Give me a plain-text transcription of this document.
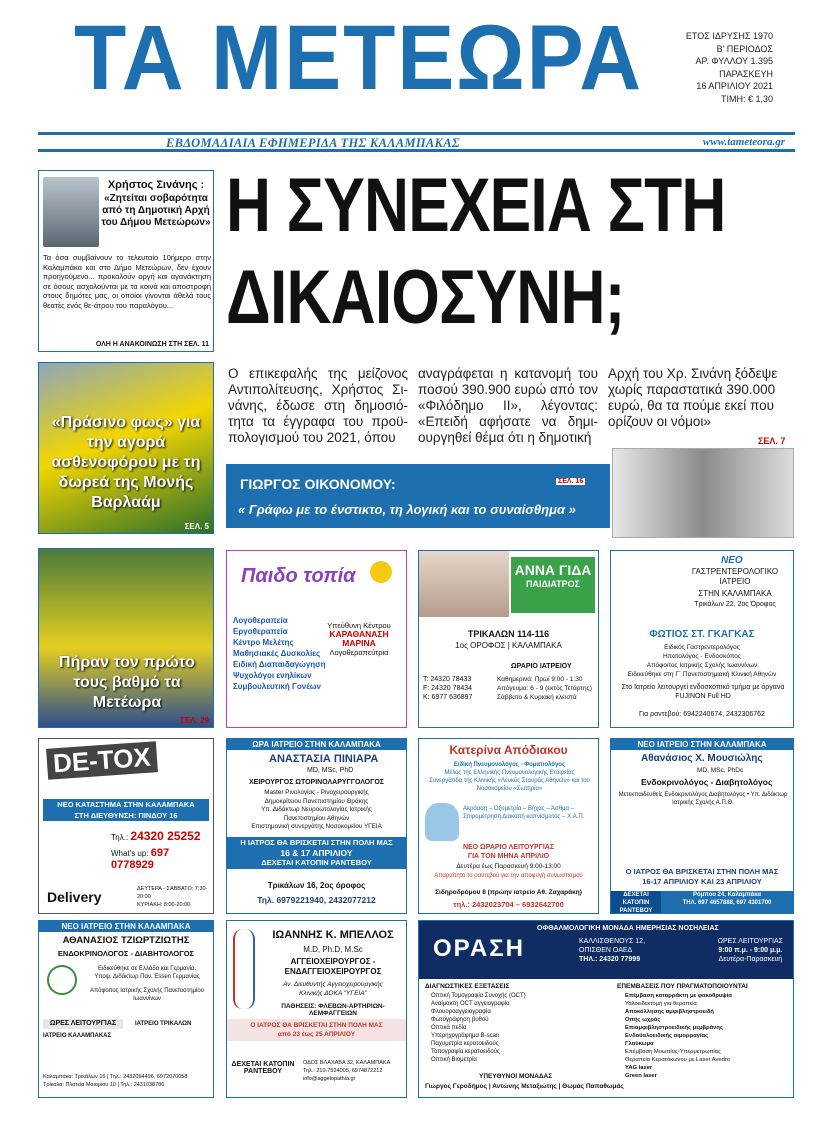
ΤΑ ΜΕΤΕΩΡΑ	ΕΤΟΣ ΙΔΡΥΣΗΣ 1970
Β' ΠΕΡΙΟΔΟΣ
ΑΡ. ΦΥΛΛΟΥ 1.395
ΠΑΡΑΣΚΕΥΗ
16 ΑΠΡΙΛΙΟΥ 2021
ΤΙΜΗ: € 1,30
ΕΒΔΟΜΑΔΙΑΙΑ ΕΦΗΜΕΡΙΔΑ ΤΗΣ ΚΑΛΑΜΠΑΚΑΣ	www.tameteora.gr
Χρήστος Σινάνης :
«Ζητείται σοβαρότητα από τη Δημοτική Αρχή του Δήμου Μετεώρων»
Τα όσα συμβαίνουν το τελευταίο 10ήμερο στην Καλαμπάκα και στο Δήμο Μετεώρων, δεν έχουν προηγούμενο... προκαλούν οργή και αγανάκτηση σε όσους ασχολούνται με τα κοινά και αποστροφή στους δημότες μας, οι οποίοι γίνονται άθελά τους θεατές ενός θε-άτρου του παραλόγου...
ΟΛΗ Η ΑΝΑΚΟΙΝΩΣΗ ΣΤΗ ΣΕΛ. 11
«Πράσινο φως» για την αγορά ασθενοφόρου με τη δωρεά της Μονής Βαρλαάμ
ΣΕΛ. 5
Πήραν τον πρώτο τους βαθμό τα Μετέωρα
ΣΕΛ. 29
Η ΣΥΝΕΧΕΙΑ ΣΤΗ
ΔΙΚΑΙΟΣΥΝΗ;
Ο επικεφαλής της μείζονος Αντιπολίτευσης, Χρήστος Σι-νάνης, έδωσε στη δημοσιό-τητα τα έγγραφα του προϋ-πολογισμού του 2021, όπου
αναγράφεται η κατανομή του ποσού 390.900 ευρώ από τον «Φιλόδημο ΙΙ», λέγοντας: «Επειδή αφήσατε να δημι-ουργηθεί θέμα ότι η δημοτική
Αρχή του Χρ. Σινάνη ξόδεψε χωρίς παραστατικά 390.000 ευρώ, θα τα πούμε εκεί που ορίζουν οι νόμοι»
ΣΕΛ. 7
ΓΙΩΡΓΟΣ ΟΙΚΟΝΟΜΟΥ:	ΣΕΛ. 16
« Γράφω με το ένστικτο, τη λογική και το συναίσθημα »
Παιδο τοπία
Λογοθεραπεία
Εργοθεραπεία
Κέντρο Μελέτης
Μαθησιακές Δυσκολίες
Ειδική Διαπαιδαγώγηση
Ψυχολόγοι ενηλίκων
Συμβουλευτική Γονέων
Υπεύθυνη Κέντρου
ΚΑΡΑΘΑΝΑΣΗ ΜΑΡΙΝΑ
Λογοθεραπεύτρια
ΑΝΝΑ ΓΙΔΑ
ΠΑΙΔΙΑΤΡΟΣ
ΤΡΙΚΑΛΩΝ 114-116
1ος ΟΡΟΦΟΣ | ΚΑΛΑΜΠΑΚΑ
ΩΡΑΡΙΟ ΙΑΤΡΕΙΟΥ
Τ: 24320 78433
F: 24320 78434
Κ: 6977 636897
Καθημερινά: Πρωί 9:00 - 1:30
Απόγευμα: 6 - 9 (εκτός Τετάρτης)
Σάββατο & Κυριακή κλειστά
ΝΕΟ
ΓΑΣΤΡΕΝΤΕΡΟΛΟΓΙΚΟ ΙΑΤΡΕΙΟ
ΣΤΗΝ ΚΑΛΑΜΠΑΚΑ
Τρικάλων 22, 2ος Όροφος
ΦΩΤΙΟΣ ΣΤ. ΓΚΑΓΚΑΣ
Ειδικός Γαστρεντερολόγος
Ηπατολόγος - Ενδοσκόπος
Απόφοιτος Ιατρικής Σχολής Ιωαννίνων
Ειδικεύθηκε στη Γ΄ Πανεπιστημιακή Κλινική Αθηνών
Στο Ιατρείο λειτουργεί ενδοσκοπικό τμήμα με όργανα FUJINON Full HD
Για ραντεβού: 6942240674, 2432306762
DE-TOX
ΝΕΟ ΚΑΤΑΣΤΗΜΑ ΣΤΗΝ ΚΑΛΑΜΠΑΚΑ
ΣΤΗ ΔΙΕΥΘΥΝΣΗ: ΠΙΝΔΟΥ 16
Τηλ.: 24320 25252
What's up: 697 0778929
Delivery	ΔΕΥΤΕΡΑ - ΣΑΒΒΑΤΟ: 7:30-20:00
ΚΥΡΙΑΚΗ: 8:00-20:00
ΩΡΑ ΙΑΤΡΕΙΟ ΣΤΗΝ ΚΑΛΑΜΠΑΚΑ
ΑΝΑΣΤΑΣΙΑ ΠΙΝΙΑΡΑ
MD, MSc, PhD
ΧΕΙΡΟΥΡΓΟΣ ΩΤΟΡΙΝΟΛΑΡΥΓΓΟΛΟΓΟΣ
Master Ρινολογίας - Ρινοχειρουργικής
Δημοκρίτειου Πανεπιστημίου Θράκης
Υπ. Διδάκτωρ Νευροωτολογίας Ιατρικής
Πανεπιστημίου Αθηνών
Επιστημονική συνεργάτης Νοσοκομείου ΥΓΕΙΑ
Η ΙΑΤΡΟΣ ΘΑ ΒΡΙΣΚΕΤΑΙ ΣΤΗΝ ΠΟΛΗ ΜΑΣ
16 & 17 ΑΠΡΙΛΙΟΥ
ΔΕΧΕΤΑΙ ΚΑΤΟΠΙΝ ΡΑΝΤΕΒΟΥ
Τρικάλων 16, 2ος όροφος
Τηλ. 6979221940, 2432077212
Κατερίνα Απόδιακου
Ειδική Πνευμονολόγος - Φυματιολόγος
Μέλος της Ελληνικής Πνευμονολογικής Εταιρείας
Συνεργάτιδα της Κλινικής «Λευκός Σταυρός Αθηνών» και του Νοσοκομείου «Σωτηρία»
Ακρόαση – Οξυμετρία – Βήχας – Άσθμα – Σπιρομέτρηση Διακοπή καπνίσματος – Χ.Α.Π.
ΝΕΟ ΩΡΑΡΙΟ ΛΕΙΤΟΥΡΓΙΑΣ
ΓΙΑ ΤΟΝ ΜΗΝΑ ΑΠΡΙΛΙΟ
Δευτέρα έως Παρασκευή 9:00-13:00
Απαραίτητο το ραντεβού για την αποφυγή συνωστισμού
Σιδηροδρόμου 8 (πρώην ιατρείο Αθ. Ζαχαράκη)
τηλ.: 2432023704 – 6932642700
ΝΕΟ ΙΑΤΡΕΙΟ ΣΤΗΝ ΚΑΛΑΜΠΑΚΑ
Αθανάσιος Χ. Μουσιώλης
MD, MSc, PhDc
Ενδοκρινολόγος - Διαβητολόγος
Μετεκπαιδευθείς Ενδοκρινολόγος Διαβητολόγος • Υπ. Διδάκτωρ Ιατρικής Σχολής Α.Π.Θ.
Ο ΙΑΤΡΟΣ ΘΑ ΒΡΙΣΚΕΤΑΙ ΣΤΗΝ ΠΟΛΗ ΜΑΣ
16-17 ΑΠΡΙΛΙΟΥ ΚΑΙ 23 ΑΠΡΙΛΙΟΥ
ΔΕΧΕΤΑΙ ΚΑΤΟΠΙΝ ΡΑΝΤΕΒΟΥ
Ρόμπου 24, Καλαμπάκα
ΤΗΛ. 697 4657888, 697 4301700
ΝΕΟ ΙΑΤΡΕΙΟ ΣΤΗΝ ΚΑΛΑΜΠΑΚΑ
ΑΘΑΝΑΣΙΟΣ ΤΖΙΩΡΤΖΙΩΤΗΣ
ΕΝΔΟΚΡΙΝΟΛΟΓΟΣ - ΔΙΑΒΗΤΟΛΟΓΟΣ
Ειδικεύθηκε σε Ελλάδα και Γερμανία.
Υποψ. Διδάκτωρ Παν. Essen Γερμανίας
Απόφοιτος Ιατρικής Σχολής Πανεπιστημίου Ιωαννίνων
ΩΡΕΣ ΛΕΙΤΟΥΡΓΙΑΣ
ΙΑΤΡΕΙΟ ΚΑΛΑΜΠΑΚΑΣ
ΙΑΤΡΕΙΟ ΤΡΙΚΑΛΩΝ
Καλαμπάκα: Τρικάλων 16 | Τηλ.: 2432094496, 6972070058
Τρίκαλα: Πλατεία Μαιορίου 10 | Τηλ.: 2431038786
ΙΩΑΝΝΗΣ Κ. ΜΠΕΛΛΟΣ
M.D, Ph.D, M.Sc
ΑΓΓΕΙΟΧΕΙΡΟΥΡΓΟΣ -
ΕΝΔΑΓΓΕΙΟΧΕΙΡΟΥΡΓΟΣ
Αν. Διευθυντής Αγγειοχειρουργικής
Κλινικής ΔΟΚΑ "ΥΓΕΙΑ"
ΠΑΘΗΣΕΙΣ: ΦΛΕΒΩΝ-ΑΡΤΗΡΙΩΝ-ΛΕΜΦΑΓΓΕΙΩΝ
Ο ΙΑΤΡΟΣ ΘΑ ΒΡΙΣΚΕΤΑΙ ΣΤΗΝ ΠΟΛΗ ΜΑΣ
από 23 έως 25 ΑΠΡΙΛΙΟΥ
ΔΕΧΕΤΑΙ ΚΑΤΟΠΙΝ ΡΑΝΤΕΒΟΥ
ΟΔΟΣ ΒΛΑΧΑΒΑ 32, ΚΑΛΑΜΠΑΚΑ
Τηλ.: 210-7524005, 6974872212
info@aggeiopathia.gr
ΟΡΑΣΗ
ΟΦΘΑΛΜΟΛΟΓΙΚΗ ΜΟΝΑΔΑ ΗΜΕΡΗΣΙΑΣ ΝΟΣΗΛΕΙΑΣ
ΚΑΛΛΙΣΘΕΝΟΥΣ 12,
ΟΠΙΣΘΕΝ ΟΑΕΔ
ΤΗΛ.: 24320 77999
ΩΡΕΣ ΛΕΙΤΟΥΡΓΙΑΣ
9:00 π.μ. - 9:00 μ.μ.
Δευτέρα-Παρασκευή
ΔΙΑΓΝΩΣΤΙΚΕΣ ΕΞΕΤΑΣΕΙΣ
Οπτική Τομογραφία Συνοχής (OCT)
Αναίμακτη OCT αγγειογραφία
Φλουοροαγγειογραφία
Φωτογράφηση βυθού
Οπτικά πεδία
Υπερηχογράφημα B-scan
Παχυμετρία κερατοειδούς
Τοπογραφία κερατοειδούς
Οπτική Βιομετρία
ΕΠΕΜΒΑΣΕΙΣ ΠΟΥ ΠΡΑΓΜΑΤΟΠΟΙΟΥΝΤΑΙ
Επέμβαση καταρράκτη με φακοθρυψία
Υαλοειδεκτομή για θεραπεία
Αποκόλλησης αμφιβληστροειδή
Οπής ωχράς
Επιαμφιβληστροειδικής μεμβράνης
Ενδοϋαλοειδικής αιμορραγίας
Γλαύκωμα
Επέμβαση Μυωπίας-Υπερμετρωπίας
Θεραπεία Κερατόκωνου με Laser Avedro
YAG laser
Green laser
ΥΠΕΥΘΥΝΟΙ ΜΟΝΑΔΑΣ
Γιώργος Γεροδήμος | Αντώνης Μεταξιώτης | Θωμάς Παπαθωμάς
